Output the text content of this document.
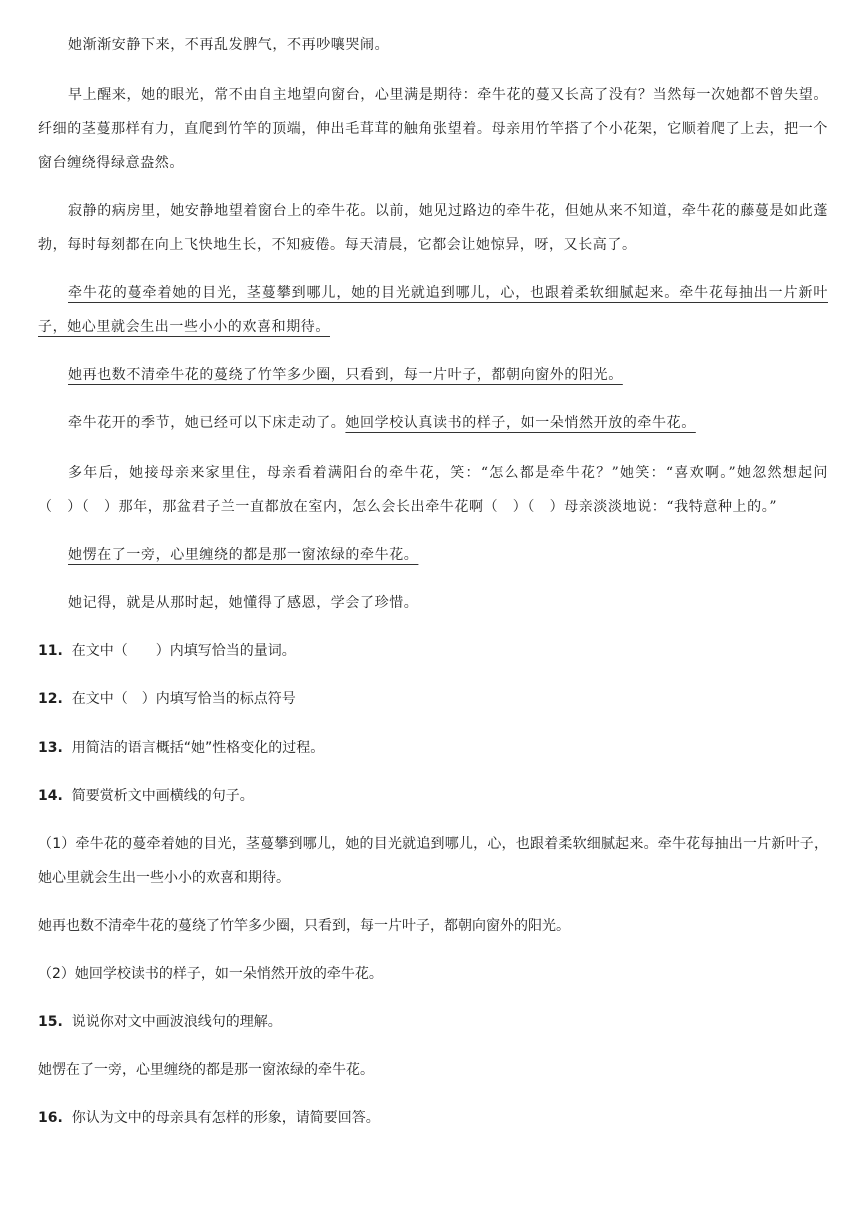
她渐渐安静下来，不再乱发脾气，不再吵嚷哭闹。

早上醒来，她的眼光，常不由自主地望向窗台，心里满是期待：牵牛花的蔓又长高了没有？当然每一次她都不曾失望。纤细的茎蔓那样有力，直爬到竹竿的顶端，伸出毛茸茸的触角张望着。母亲用竹竿搭了个小花架，它顺着爬了上去，把一个窗台缠绕得绿意盎然。

寂静的病房里，她安静地望着窗台上的牵牛花。以前，她见过路边的牵牛花，但她从来不知道，牵牛花的藤蔓是如此蓬勃，每时每刻都在向上飞快地生长，不知疲倦。每天清晨，它都会让她惊异，呀，又长高了。

牵牛花的蔓牵着她的目光，茎蔓攀到哪儿，她的目光就追到哪儿，心，也跟着柔软细腻起来。牵牛花每抽出一片新叶子，她心里就会生出一些小小的欢喜和期待。

她再也数不清牵牛花的蔓绕了竹竿多少圈，只看到，每一片叶子，都朝向窗外的阳光。

牵牛花开的季节，她已经可以下床走动了。她回学校认真读书的样子，如一朵悄然开放的牵牛花。

多年后，她接母亲来家里住，母亲看着满阳台的牵牛花，笑：“怎么都是牵牛花？”她笑：“喜欢啊。”她忽然想起问（　）（　）那年，那盆君子兰一直都放在室内，怎么会长出牵牛花啊（　）（　）母亲淡淡地说：“我特意种上的。”

她愣在了一旁，心里缠绕的都是那一窗浓绿的牵牛花。

她记得，就是从那时起，她懂得了感恩，学会了珍惜。

11. 在文中（　　）内填写恰当的量词。

12. 在文中（　）内填写恰当的标点符号

13. 用简洁的语言概括“她”性格变化的过程。

14. 简要赏析文中画横线的句子。

（1）牵牛花的蔓牵着她的目光，茎蔓攀到哪儿，她的目光就追到哪儿，心，也跟着柔软细腻起来。牵牛花每抽出一片新叶子，她心里就会生出一些小小的欢喜和期待。

她再也数不清牵牛花的蔓绕了竹竿多少圈，只看到，每一片叶子，都朝向窗外的阳光。

（2）她回学校读书的样子，如一朵悄然开放的牵牛花。

15. 说说你对文中画波浪线句的理解。

她愣在了一旁，心里缠绕的都是那一窗浓绿的牵牛花。

16. 你认为文中的母亲具有怎样的形象，请简要回答。
